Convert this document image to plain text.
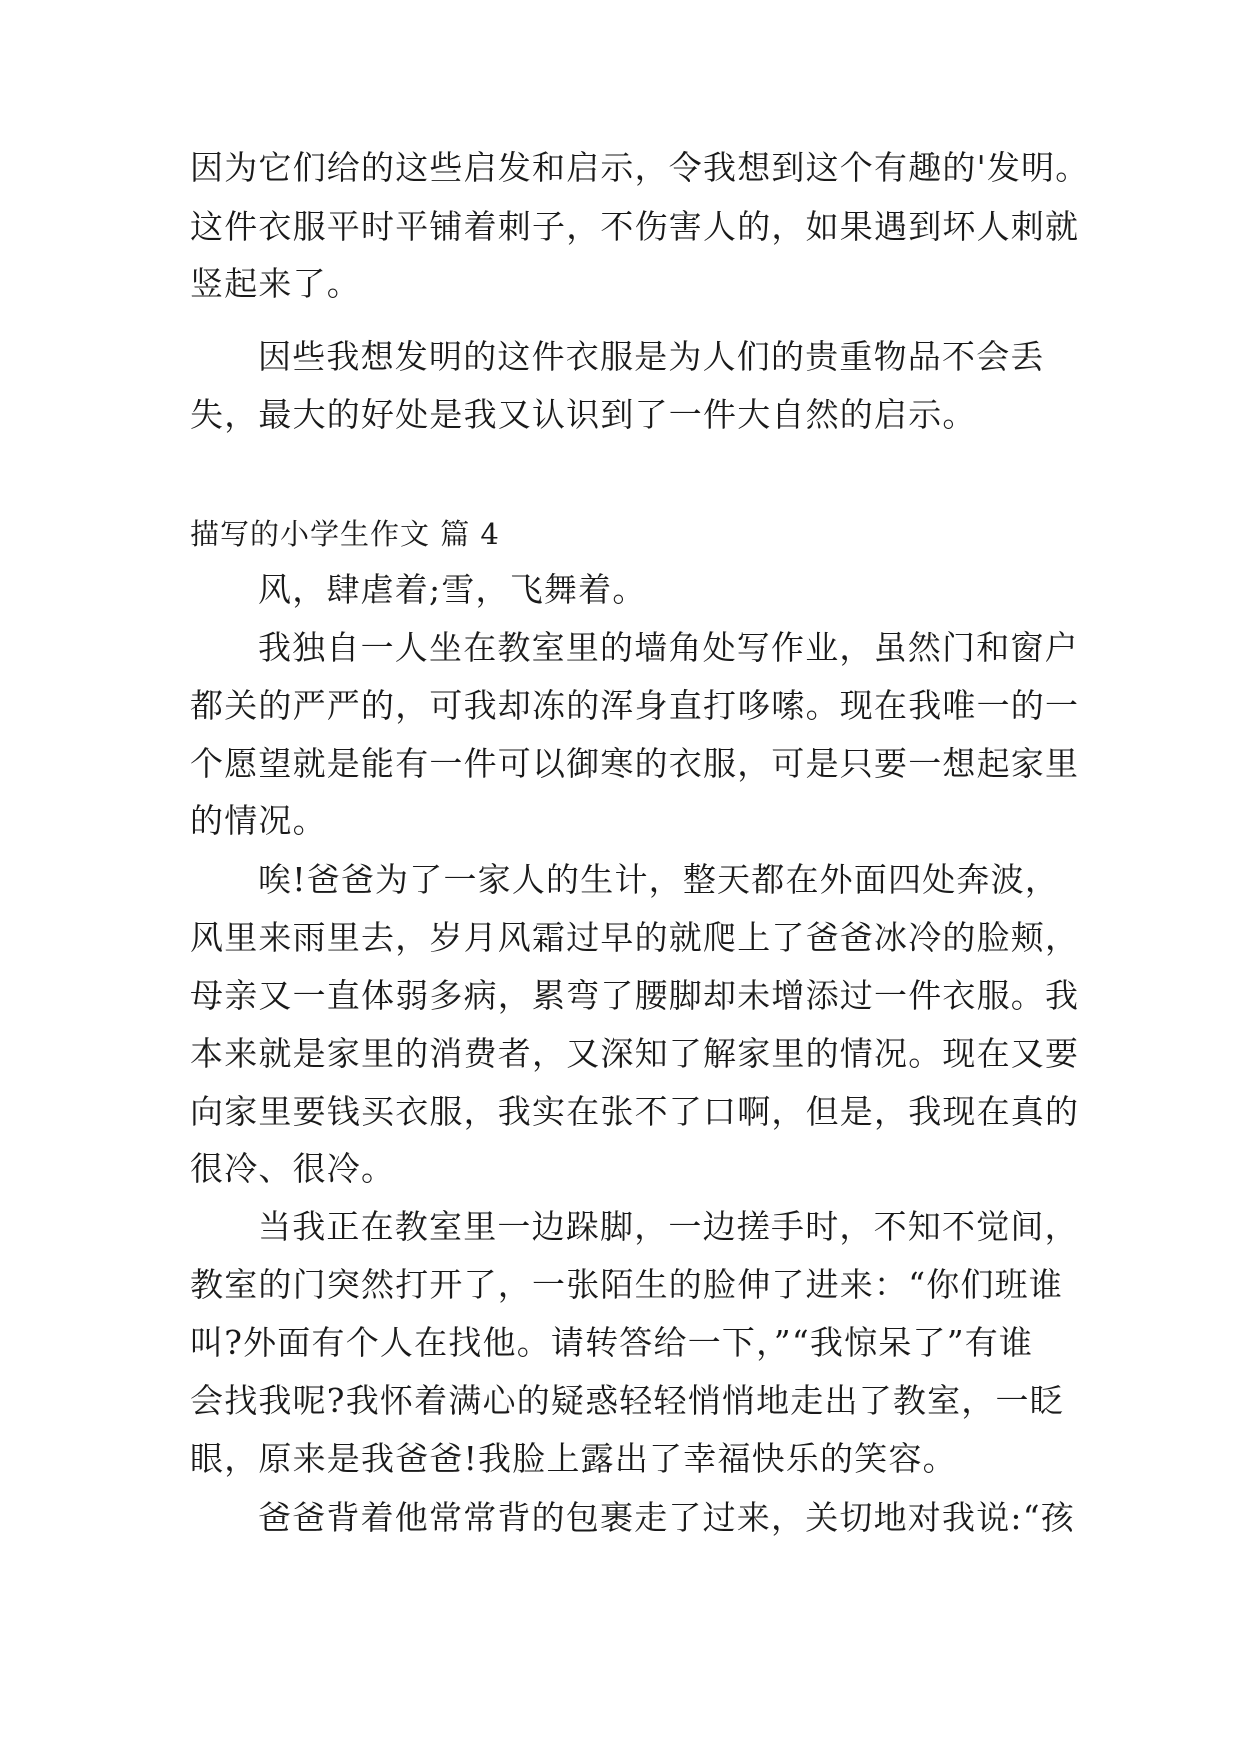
因为它们给的这些启发和启示，令我想到这个有趣的'发明。
这件衣服平时平铺着刺子，不伤害人的，如果遇到坏人刺就
竖起来了。
因些我想发明的这件衣服是为人们的贵重物品不会丢
失，最大的好处是我又认识到了一件大自然的启示。
描写的小学生作文 篇 4
风，肆虐着;雪，飞舞着。
我独自一人坐在教室里的墙角处写作业，虽然门和窗户
都关的严严的，可我却冻的浑身直打哆嗦。现在我唯一的一
个愿望就是能有一件可以御寒的衣服，可是只要一想起家里
的情况。
唉!爸爸为了一家人的生计，整天都在外面四处奔波，
风里来雨里去，岁月风霜过早的就爬上了爸爸冰冷的脸颊，
母亲又一直体弱多病，累弯了腰脚却未增添过一件衣服。我
本来就是家里的消费者，又深知了解家里的情况。现在又要
向家里要钱买衣服，我实在张不了口啊，但是，我现在真的
很冷、很冷。
当我正在教室里一边跺脚，一边搓手时，不知不觉间，
教室的门突然打开了，一张陌生的脸伸了进来：“你们班谁
叫?外面有个人在找他。请转答给一下，”“我惊呆了”有谁
会找我呢?我怀着满心的疑惑轻轻悄悄地走出了教室，一眨
眼，原来是我爸爸!我脸上露出了幸福快乐的笑容。
爸爸背着他常常背的包裹走了过来，关切地对我说:“孩
